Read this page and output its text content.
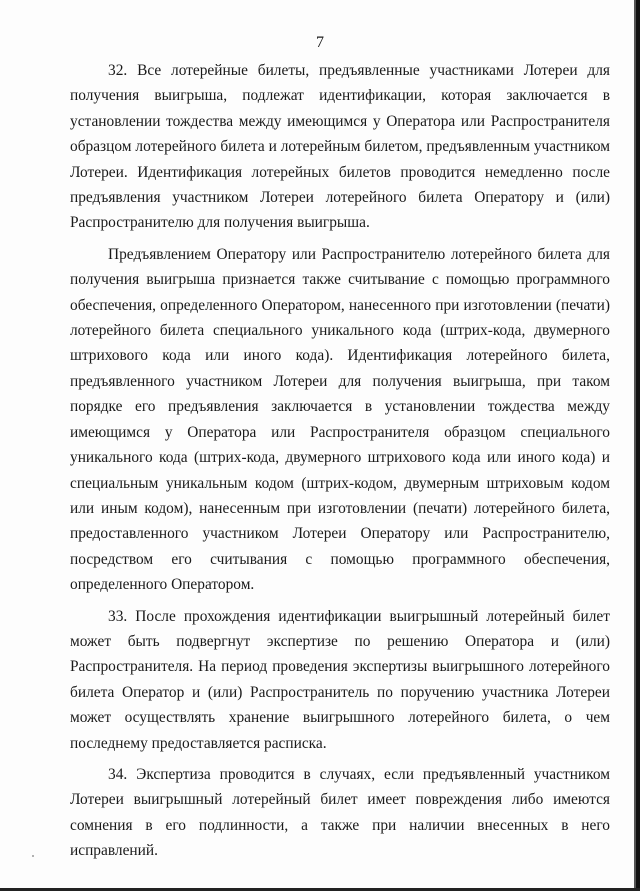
7

32. Все лотерейные билеты, предъявленные участниками Лотереи для получения выигрыша, подлежат идентификации, которая заключается в установлении тождества между имеющимся у Оператора или Распространителя образцом лотерейного билета и лотерейным билетом, предъявленным участником Лотереи. Идентификация лотерейных билетов проводится немедленно после предъявления участником Лотереи лотерейного билета Оператору и (или) Распространителю для получения выигрыша.

Предъявлением Оператору или Распространителю лотерейного билета для получения выигрыша признается также считывание с помощью программного обеспечения, определенного Оператором, нанесенного при изготовлении (печати) лотерейного билета специального уникального кода (штрих-кода, двумерного штрихового кода или иного кода). Идентификация лотерейного билета, предъявленного участником Лотереи для получения выигрыша, при таком порядке его предъявления заключается в установлении тождества между имеющимся у Оператора или Распространителя образцом специального уникального кода (штрих-кода, двумерного штрихового кода или иного кода) и специальным уникальным кодом (штрих-кодом, двумерным штриховым кодом или иным кодом), нанесенным при изготовлении (печати) лотерейного билета, предоставленного участником Лотереи Оператору или Распространителю, посредством его считывания с помощью программного обеспечения, определенного Оператором.

33. После прохождения идентификации выигрышный лотерейный билет может быть подвергнут экспертизе по решению Оператора и (или) Распространителя. На период проведения экспертизы выигрышного лотерейного билета Оператор и (или) Распространитель по поручению участника Лотереи может осуществлять хранение выигрышного лотерейного билета, о чем последнему предоставляется расписка.

34. Экспертиза проводится в случаях, если предъявленный участником Лотереи выигрышный лотерейный билет имеет повреждения либо имеются сомнения в его подлинности, а также при наличии внесенных в него исправлений.
